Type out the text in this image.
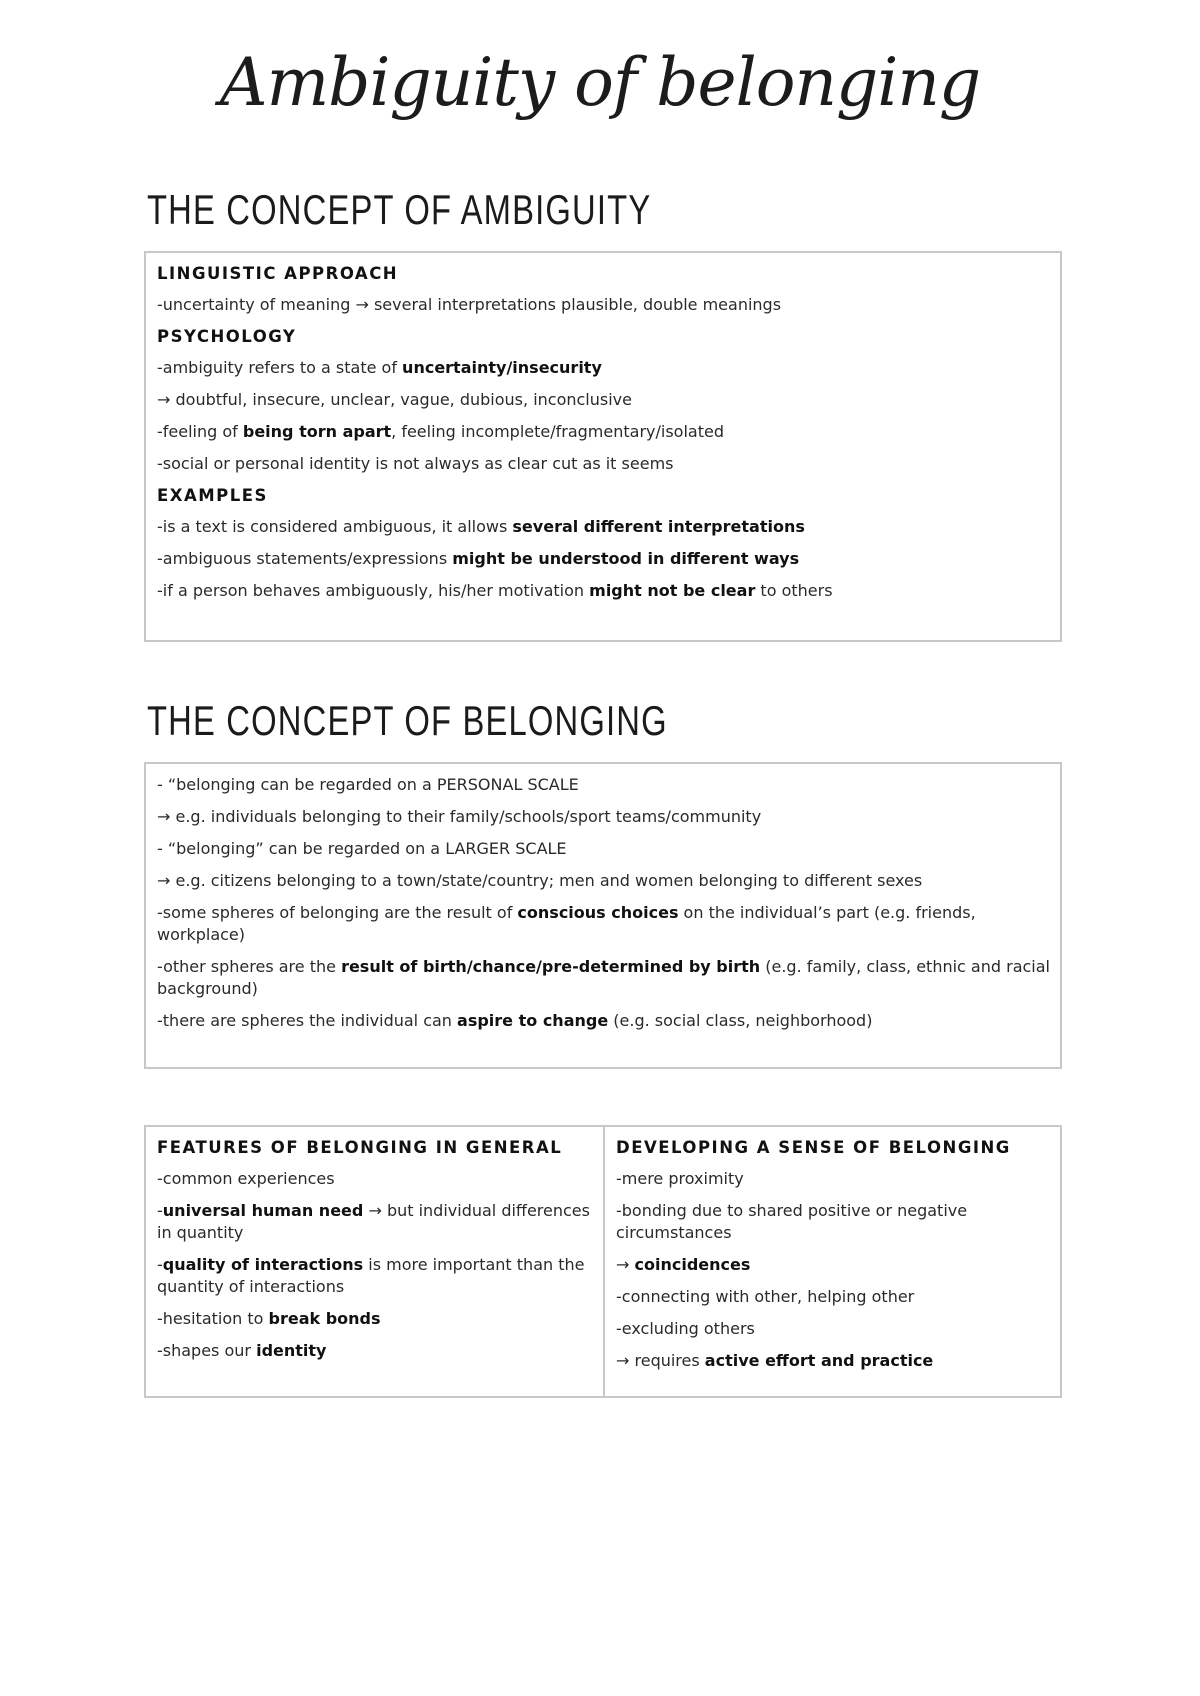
Ambiguity of belonging
THE CONCEPT OF AMBIGUITY
LINGUISTIC APPROACH
-uncertainty of meaning → several interpretations plausible, double meanings
PSYCHOLOGY
-ambiguity refers to a state of uncertainty/insecurity
→ doubtful, insecure, unclear, vague, dubious, inconclusive
-feeling of being torn apart, feeling incomplete/fragmentary/isolated
-social or personal identity is not always as clear cut as it seems
EXAMPLES
-is a text is considered ambiguous, it allows several different interpretations
-ambiguous statements/expressions might be understood in different ways
-if a person behaves ambiguously, his/her motivation might not be clear to others
THE CONCEPT OF BELONGING
- “belonging can be regarded on a PERSONAL SCALE
→ e.g. individuals belonging to their family/schools/sport teams/community
- “belonging” can be regarded on a LARGER SCALE
→ e.g. citizens belonging to a town/state/country; men and women belonging to different sexes
-some spheres of belonging are the result of conscious choices on the individual’s part (e.g. friends, workplace)
-other spheres are the result of birth/chance/pre-determined by birth (e.g. family, class, ethnic and racial background)
-there are spheres the individual can aspire to change (e.g. social class, neighborhood)
FEATURES OF BELONGING IN GENERAL
-common experiences
-universal human need → but individual differences in quantity
-quality of interactions is more important than the quantity of interactions
-hesitation to break bonds
-shapes our identity
DEVELOPING A SENSE OF BELONGING
-mere proximity
-bonding due to shared positive or negative circumstances
→ coincidences
-connecting with other, helping other
-excluding others
→ requires active effort and practice
